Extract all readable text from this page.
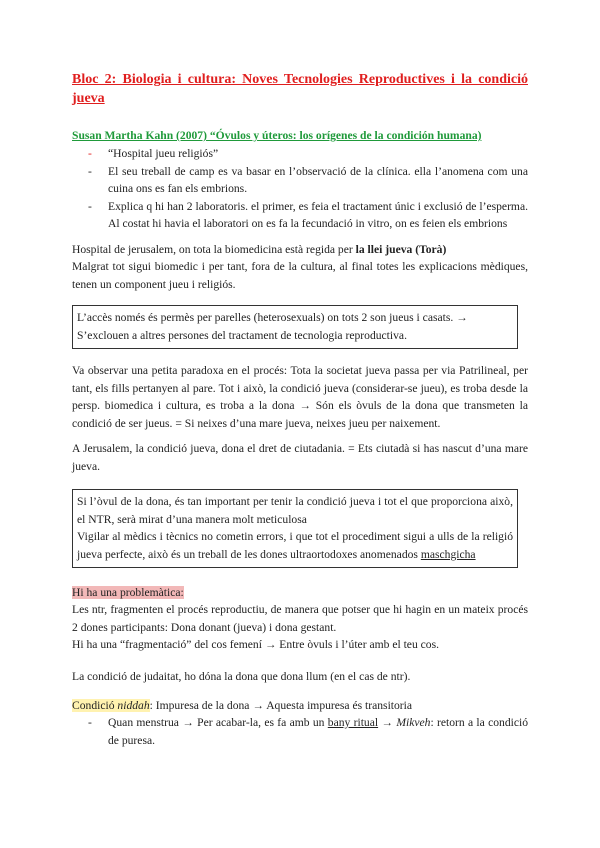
Bloc 2: Biologia i cultura: Noves Tecnologies Reproductives i la condició jueva
Susan Martha Kahn (2007) “Óvulos y úteros: los orígenes de la condición humana)
- “Hospital jueu religiós”
- El seu treball de camp es va basar en l’observació de la clínica. ella l’anomena com una cuina ons es fan els embrions.
- Explica q hi han 2 laboratoris. el primer, es feia el tractament únic i exclusió de l’esperma. Al costat hi havia el laboratori on es fa la fecundació in vitro, on es feien els embrions
Hospital de jerusalem, on tota la biomedicina està regida per la llei jueva (Torà)
Malgrat tot sigui biomedic i per tant, fora de la cultura, al final totes les explicacions mèdiques, tenen un component jueu i religiós.
L’accès només és permès per parelles (heterosexuals) on tots 2 son jueus i casats. →
S’exclouen a altres persones del tractament de tecnologia reproductiva.
Va observar una petita paradoxa en el procés: Tota la societat jueva passa per via Patrilineal, per tant, els fills pertanyen al pare. Tot i això, la condició jueva (considerar-se jueu), es troba desde la persp. biomedica i cultura, es troba a la dona → Són els òvuls de la dona que transmeten la condició de ser jueus. = Si neixes d’una mare jueva, neixes jueu per naixement.
A Jerusalem, la condició jueva, dona el dret de ciutadania. = Ets ciutadà si has nascut d’una mare jueva.
Si l’òvul de la dona, és tan important per tenir la condició jueva i tot el que proporciona això, el NTR, serà mirat d’una manera molt meticulosa
Vigilar al mèdics i tècnics no cometin errors, i que tot el procediment sigui a ulls de la religió jueva perfecte, això és un treball de les dones ultraortodoxes anomenados maschgicha
Hi ha una problemàtica:
Les ntr, fragmenten el procés reproductiu, de manera que potser que hi hagin en un mateix procés 2 dones participants: Dona donant (jueva) i dona gestant.
Hi ha una “fragmentació” del cos femení → Entre òvuls i l’úter amb el teu cos.
La condició de judaitat, ho dóna la dona que dona llum (en el cas de ntr).
Condició niddah: Impuresa de la dona → Aquesta impuresa és transitoria
- Quan menstrua → Per acabar-la, es fa amb un bany ritual → Mikveh: retorn a la condició de puresa.
